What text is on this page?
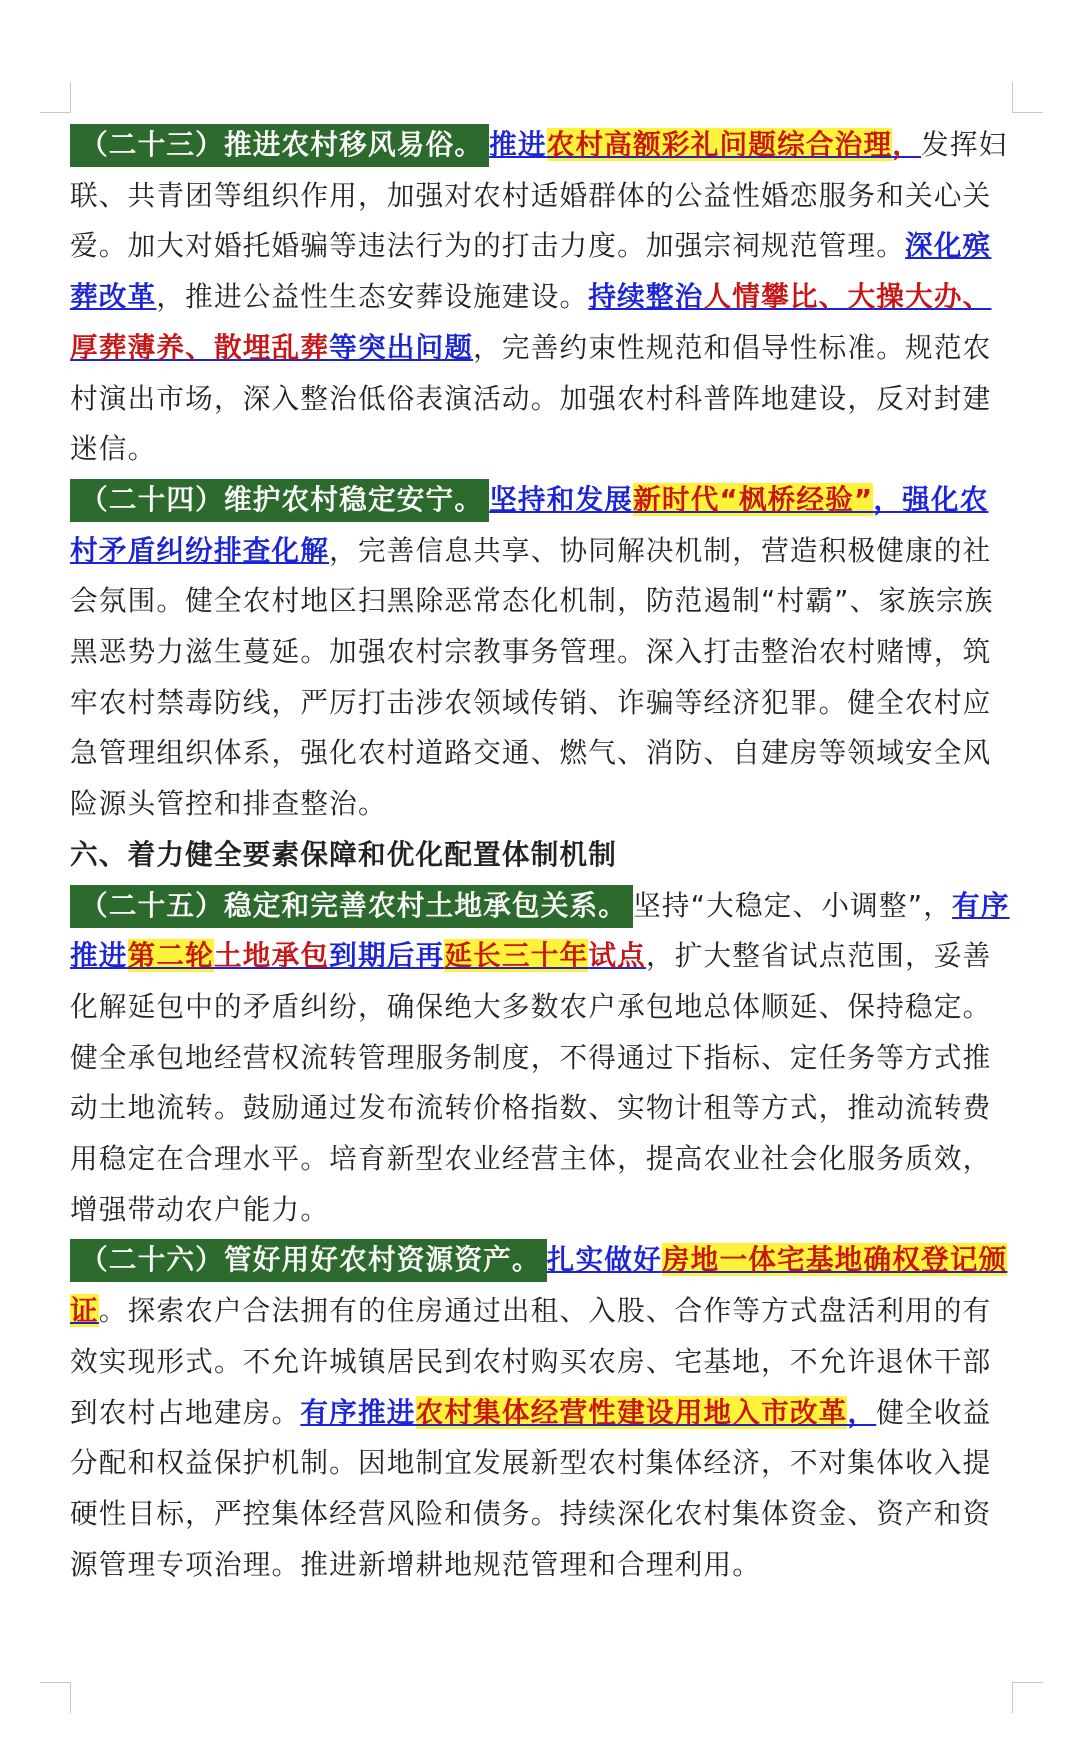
（二十三）推进农村移风易俗。 推进农村高额彩礼问题综合治理，发挥妇联、共青团等组织作用，加强对农村适婚群体的公益性婚恋服务和关心关爱。加大对婚托婚骗等违法行为的打击力度。加强宗祠规范管理。深化殡葬改革，推进公益性生态安葬设施建设。持续整治人情攀比、大操大办、厚葬薄养、散埋乱葬等突出问题，完善约束性规范和倡导性标准。规范农村演出市场，深入整治低俗表演活动。加强农村科普阵地建设，反对封建迷信。

（二十四）维护农村稳定安宁。 坚持和发展新时代“枫桥经验”，强化农村矛盾纠纷排查化解，完善信息共享、协同解决机制，营造积极健康的社会氛围。健全农村地区扫黑除恶常态化机制，防范遏制“村霸”、家族宗族黑恶势力滋生蔓延。加强农村宗教事务管理。深入打击整治农村赌博，筑牢农村禁毒防线，严厉打击涉农领域传销、诈骗等经济犯罪。健全农村应急管理组织体系，强化农村道路交通、燃气、消防、自建房等领域安全风险源头管控和排查整治。

六、着力健全要素保障和优化配置体制机制

（二十五）稳定和完善农村土地承包关系。 坚持“大稳定、小调整”，有序推进第二轮土地承包到期后再延长三十年试点，扩大整省试点范围，妥善化解延包中的矛盾纠纷，确保绝大多数农户承包地总体顺延、保持稳定。健全承包地经营权流转管理服务制度，不得通过下指标、定任务等方式推动土地流转。鼓励通过发布流转价格指数、实物计租等方式，推动流转费用稳定在合理水平。培育新型农业经营主体，提高农业社会化服务质效，增强带动农户能力。

（二十六）管好用好农村资源资产。 扎实做好房地一体宅基地确权登记颁证。探索农户合法拥有的住房通过出租、入股、合作等方式盘活利用的有效实现形式。不允许城镇居民到农村购买农房、宅基地，不允许退休干部到农村占地建房。有序推进农村集体经营性建设用地入市改革，健全收益分配和权益保护机制。因地制宜发展新型农村集体经济，不对集体收入提硬性目标，严控集体经营风险和债务。持续深化农村集体资金、资产和资源管理专项治理。推进新增耕地规范管理和合理利用。
